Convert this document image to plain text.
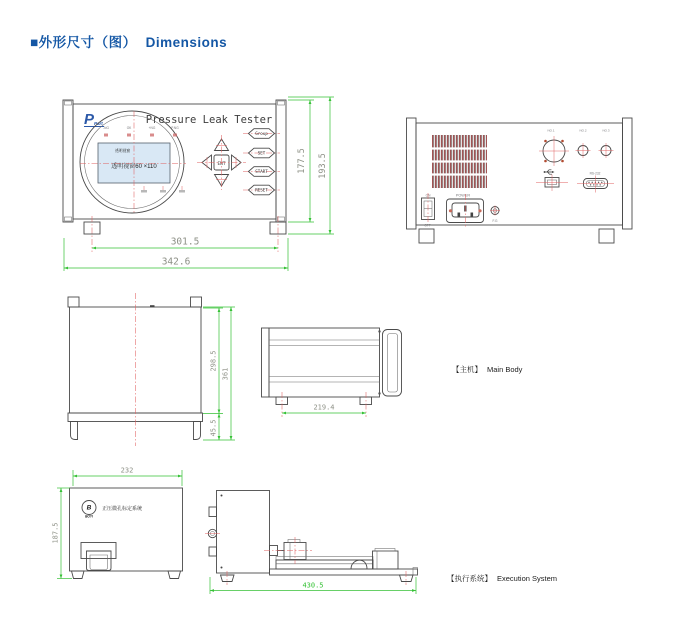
■外形尺寸（图） Dimensions
P Part	Pressure Leak Tester
-NG	OK	+NG	P.NG
透明视窗
透明视窗60 ×110	ENT
Group
SET
START
RESET
177.5 193.5
301.5
342.6
NO.1	NO.2	NO.3
RS-232
ON
OFF
POWER
F.G
298.5
45.5
361
219.4
【主机】 Main Body
232
B
BOYI
正压微孔标定系统
187.5
430.5
【执行系统】 Execution System
